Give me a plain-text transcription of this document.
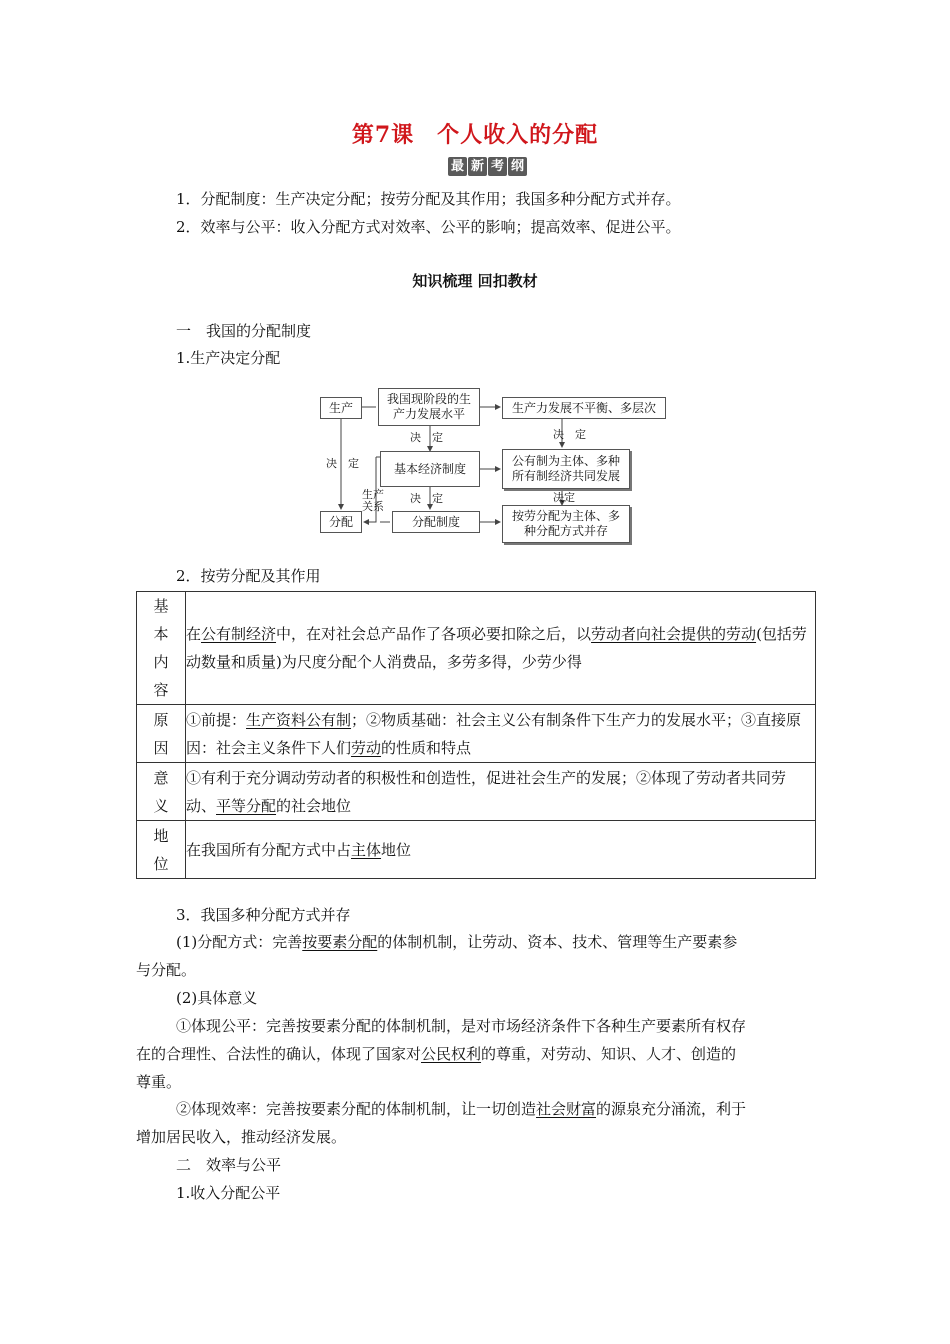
第7课　个人收入的分配
最 新 考 纲
1．分配制度：生产决定分配；按劳分配及其作用；我国多种分配方式并存。
2．效率与公平：收入分配方式对效率、公平的影响；提高效率、促进公平。
知识梳理 回扣教材
一　我国的分配制度
1.生产决定分配
生产
我国现阶段的生
产力发展水平	生产力发展不平衡、多层次
决　定	决　定
决　定	基本经济制度
公有制为主体、多种
所有制经济共同发展
决　定	决定
生产
关系
分配	分配制度	按劳分配为主体、多
种分配方式并存
2．按劳分配及其作用
基
本
内
容	在公有制经济中，在对社会总产品作了各项必要扣除之后，以劳动者向社会提供的劳动(包括劳动数量和质量)为尺度分配个人消费品，多劳多得，少劳少得

原
因	①前提：生产资料公有制；②物质基础：社会主义公有制条件下生产力的发展水平；③直接原因：社会主义条件下人们劳动的性质和特点

意
义	①有利于充分调动劳动者的积极性和创造性，促进社会生产的发展；②体现了劳动者共同劳动、平等分配的社会地位

地
位	在我国所有分配方式中占主体地位
3．我国多种分配方式并存
(1)分配方式：完善按要素分配的体制机制，让劳动、资本、技术、管理等生产要素参
与分配。
(2)具体意义
①体现公平：完善按要素分配的体制机制，是对市场经济条件下各种生产要素所有权存
在的合理性、合法性的确认，体现了国家对公民权利的尊重，对劳动、知识、人才、创造的
尊重。
②体现效率：完善按要素分配的体制机制，让一切创造社会财富的源泉充分涌流，利于
增加居民收入，推动经济发展。
二　效率与公平
1.收入分配公平
